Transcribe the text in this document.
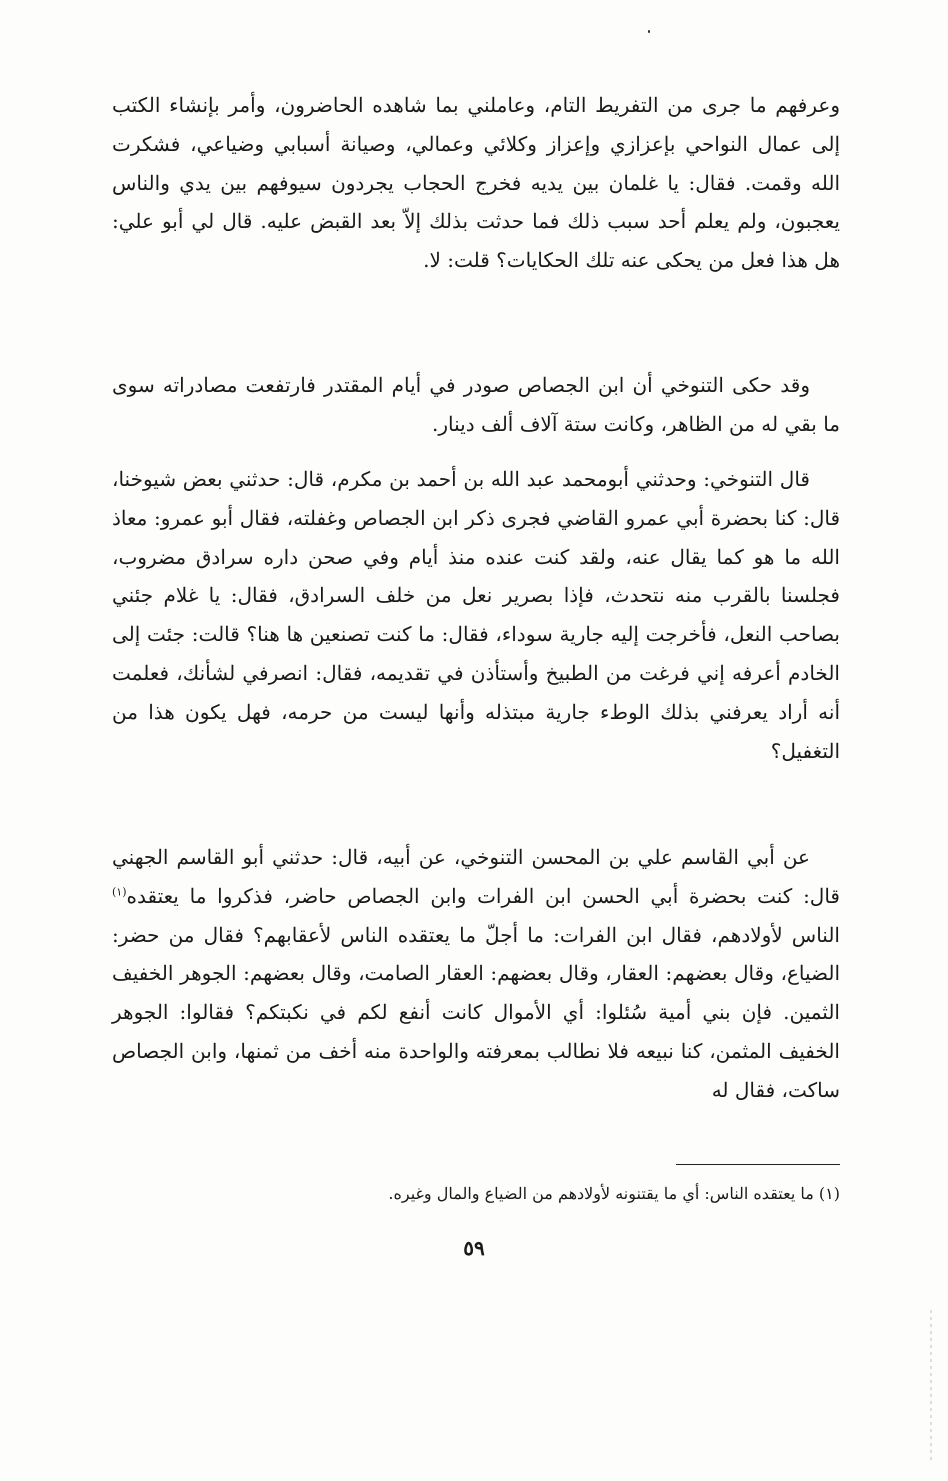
وعرفهم ما جرى من التفريط التام، وعاملني بما شاهده الحاضرون، وأمر بإنشاء الكتب إلى عمال النواحي بإعزازي وإعزاز وكلائي وعمالي، وصيانة أسبابي وضياعي، فشكرت الله وقمت. فقال: يا غلمان بين يديه فخرج الحجاب يجردون سيوفهم بين يدي والناس يعجبون، ولم يعلم أحد سبب ذلك فما حدثت بذلك إلاّ بعد القبض عليه. قال لي أبو علي: هل هذا فعل من يحكى عنه تلك الحكايات؟ قلت: لا.

وقد حكى التنوخي أن ابن الجصاص صودر في أيام المقتدر فارتفعت مصادراته سوى ما بقي له من الظاهر، وكانت ستة آلاف ألف دينار.

قال التنوخي: وحدثني أبومحمد عبد الله بن أحمد بن مكرم، قال: حدثني بعض شيوخنا، قال: كنا بحضرة أبي عمرو القاضي فجرى ذكر ابن الجصاص وغفلته، فقال أبو عمرو: معاذ الله ما هو كما يقال عنه، ولقد كنت عنده منذ أيام وفي صحن داره سرادق مضروب، فجلسنا بالقرب منه نتحدث، فإذا بصرير نعل من خلف السرادق، فقال: يا غلام جئني بصاحب النعل، فأخرجت إليه جارية سوداء، فقال: ما كنت تصنعين ها هنا؟ قالت: جئت إلى الخادم أعرفه إني فرغت من الطبيخ وأستأذن في تقديمه، فقال: انصرفي لشأنك، فعلمت أنه أراد يعرفني بذلك الوطء جارية مبتذله وأنها ليست من حرمه، فهل يكون هذا من التغفيل؟

عن أبي القاسم علي بن المحسن التنوخي، عن أبيه، قال: حدثني أبو القاسم الجهني قال: كنت بحضرة أبي الحسن ابن الفرات وابن الجصاص حاضر، فذكروا ما يعتقده$^{(١)}$ الناس لأولادهم، فقال ابن الفرات: ما أجلّ ما يعتقده الناس لأعقابهم؟ فقال من حضر: الضياع، وقال بعضهم: العقار، وقال بعضهم: العقار الصامت، وقال بعضهم: الجوهر الخفيف الثمين. فإن بني أمية سُئلوا: أي الأموال كانت أنفع لكم في نكبتكم؟ فقالوا: الجوهر الخفيف المثمن، كنا نبيعه فلا نطالب بمعرفته والواحدة منه أخف من ثمنها، وابن الجصاص ساكت، فقال له

(١) ما يعتقده الناس: أي ما يقتنونه لأولادهم من الضياع والمال وغيره.
٥٩
